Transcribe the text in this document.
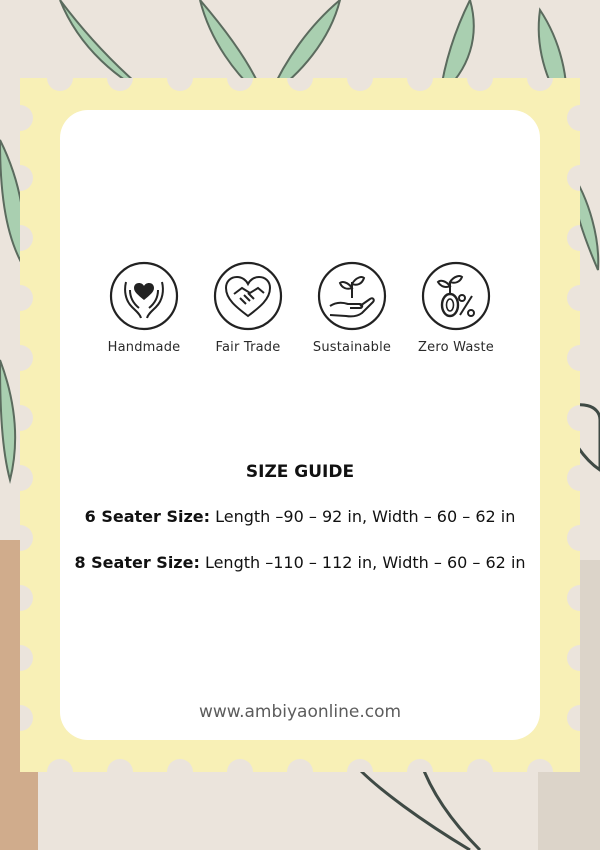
Handmade	Fair Trade Sustainable Zero Waste
SIZE GUIDE
6 Seater Size: Length –90 – 92 in, Width – 60 – 62 in
8 Seater Size: Length –110 – 112 in, Width – 60 – 62 in
www.ambiyaonline.com
